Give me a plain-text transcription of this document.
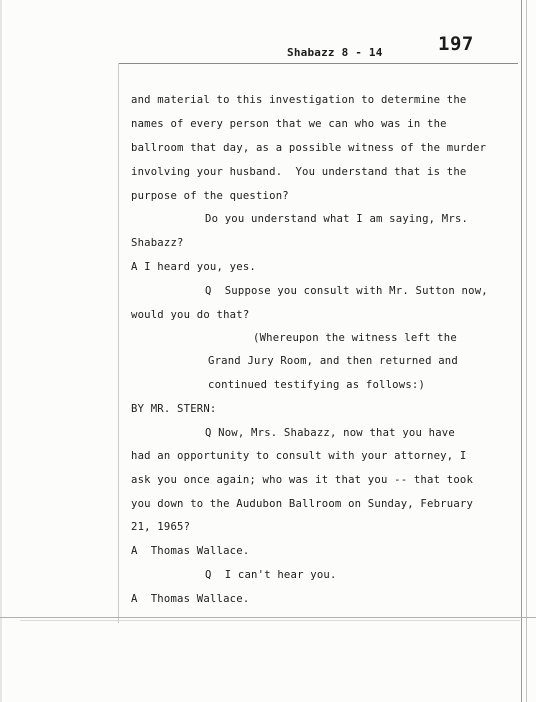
Shabazz 8 - 14	197
and material to this investigation to determine the
names of every person that we can who was in the
ballroom that day, as a possible witness of the murder
involving your husband.  You understand that is the
purpose of the question?
Do you understand what I am saying, Mrs.
Shabazz?
A I heard you, yes.
Q  Suppose you consult with Mr. Sutton now,
would you do that?
(Whereupon the witness left the
Grand Jury Room, and then returned and
continued testifying as follows:)
BY MR. STERN:
Q Now, Mrs. Shabazz, now that you have
had an opportunity to consult with your attorney, I
ask you once again; who was it that you -- that took
you down to the Audubon Ballroom on Sunday, February
21, 1965?
A  Thomas Wallace.
Q  I can't hear you.
A  Thomas Wallace.
